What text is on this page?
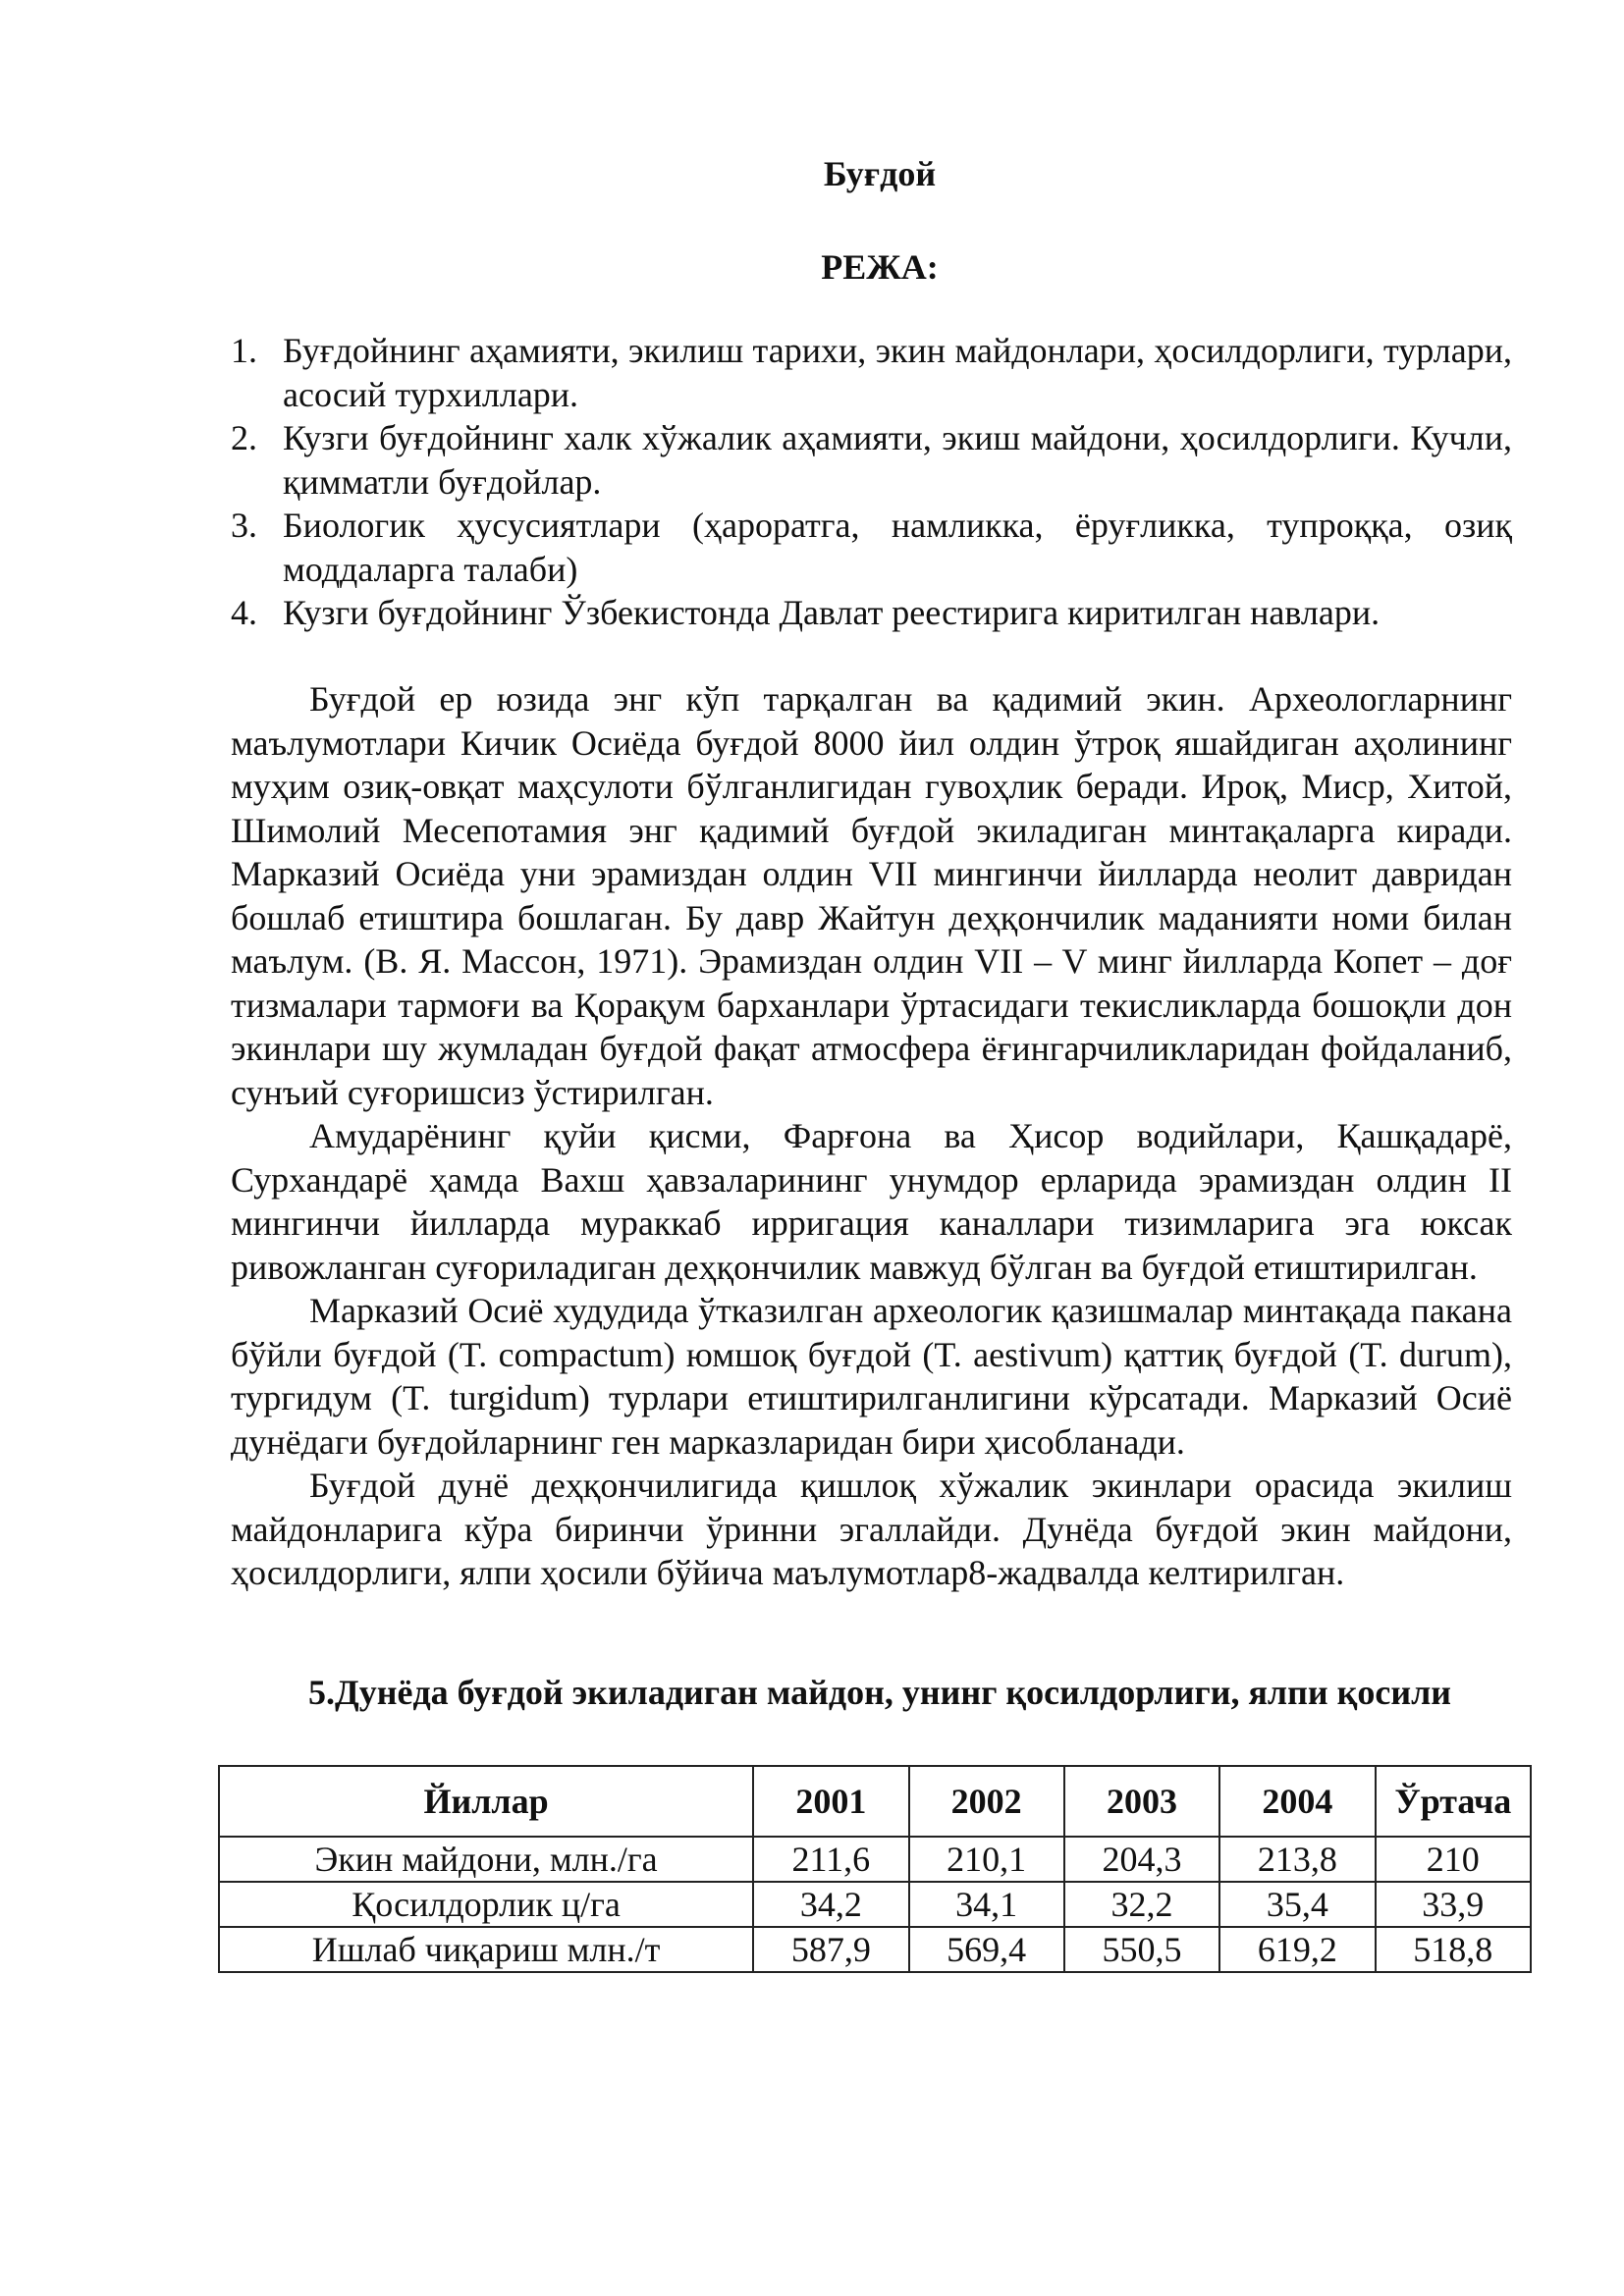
Буғдой
РЕЖА:
1. Буғдойнинг аҳамияти, экилиш тарихи, экин майдонлари, ҳосилдорлиги, турлари, асосий турхиллари.
2. Кузги буғдойнинг халк хўжалик аҳамияти, экиш майдони, ҳосилдорлиги. Кучли, қимматли буғдойлар.
3. Биологик ҳусусиятлари (ҳароратга, намликка, ёруғликка, тупроққа, озиқ моддаларга талаби)
4. Кузги буғдойнинг Ўзбекистонда Давлат реестирига киритилган навлари.

Буғдой ер юзида энг кўп тарқалган ва қадимий экин. Археологларнинг маълумотлари Кичик Осиёда буғдой 8000 йил олдин ўтроқ яшайдиган аҳолининг муҳим озиқ-овқат маҳсулоти бўлганлигидан гувоҳлик беради. Ироқ, Миср, Хитой, Шимолий Месепотамия энг қадимий буғдой экиладиган минтақаларга киради. Марказий Осиёда уни эрамиздан олдин VII мингинчи йилларда неолит давридан бошлаб етиштира бошлаган. Бу давр Жайтун деҳқончилик маданияти номи билан маълум. (В. Я. Массон, 1971). Эрамиздан олдин VII – V минг йилларда Копет – доғ тизмалари тармоғи ва Қорақум барханлари ўртасидаги текисликларда бошоқли дон экинлари шу жумладан буғдой фақат атмосфера ёғингарчиликларидан фойдаланиб, сунъий суғоришсиз ўстирилган.

Амударёнинг қуйи қисми, Фарғона ва Ҳисор водийлари, Қашқадарё, Сурхандарё ҳамда Вахш ҳавзаларининг унумдор ерларида эрамиздан олдин II мингинчи йилларда мураккаб ирригация каналлари тизимларига эга юксак ривожланган суғориладиган деҳқончилик мавжуд бўлган ва буғдой етиштирилган.

Марказий Осиё худудида ўтказилган археологик қазишмалар минтақада пакана бўйли буғдой (T. compactum) юмшоқ буғдой (T. aestivum) қаттиқ буғдой (T. durum), тургидум (T. turgidum) турлари етиштирилганлигини кўрсатади. Марказий Осиё дунёдаги буғдойларнинг ген марказларидан бири ҳисобланади.

Буғдой дунё деҳқончилигида қишлоқ хўжалик экинлари орасида экилиш майдонларига кўра биринчи ўринни эгаллайди. Дунёда буғдой экин майдони, ҳосилдорлиги, ялпи ҳосили бўйича маълумотлар8-жадвалда келтирилган.

5.Дунёда буғдой экиладиган майдон, унинг қосилдорлиги, ялпи қосили
Йиллар	2001	2002	2003	2004	Ўртача
Экин майдони, млн./га	211,6	210,1	204,3	213,8	210
Қосилдорлик ц/га	34,2	34,1	32,2	35,4	33,9
Ишлаб чиқариш млн./т	587,9	569,4	550,5	619,2	518,8
